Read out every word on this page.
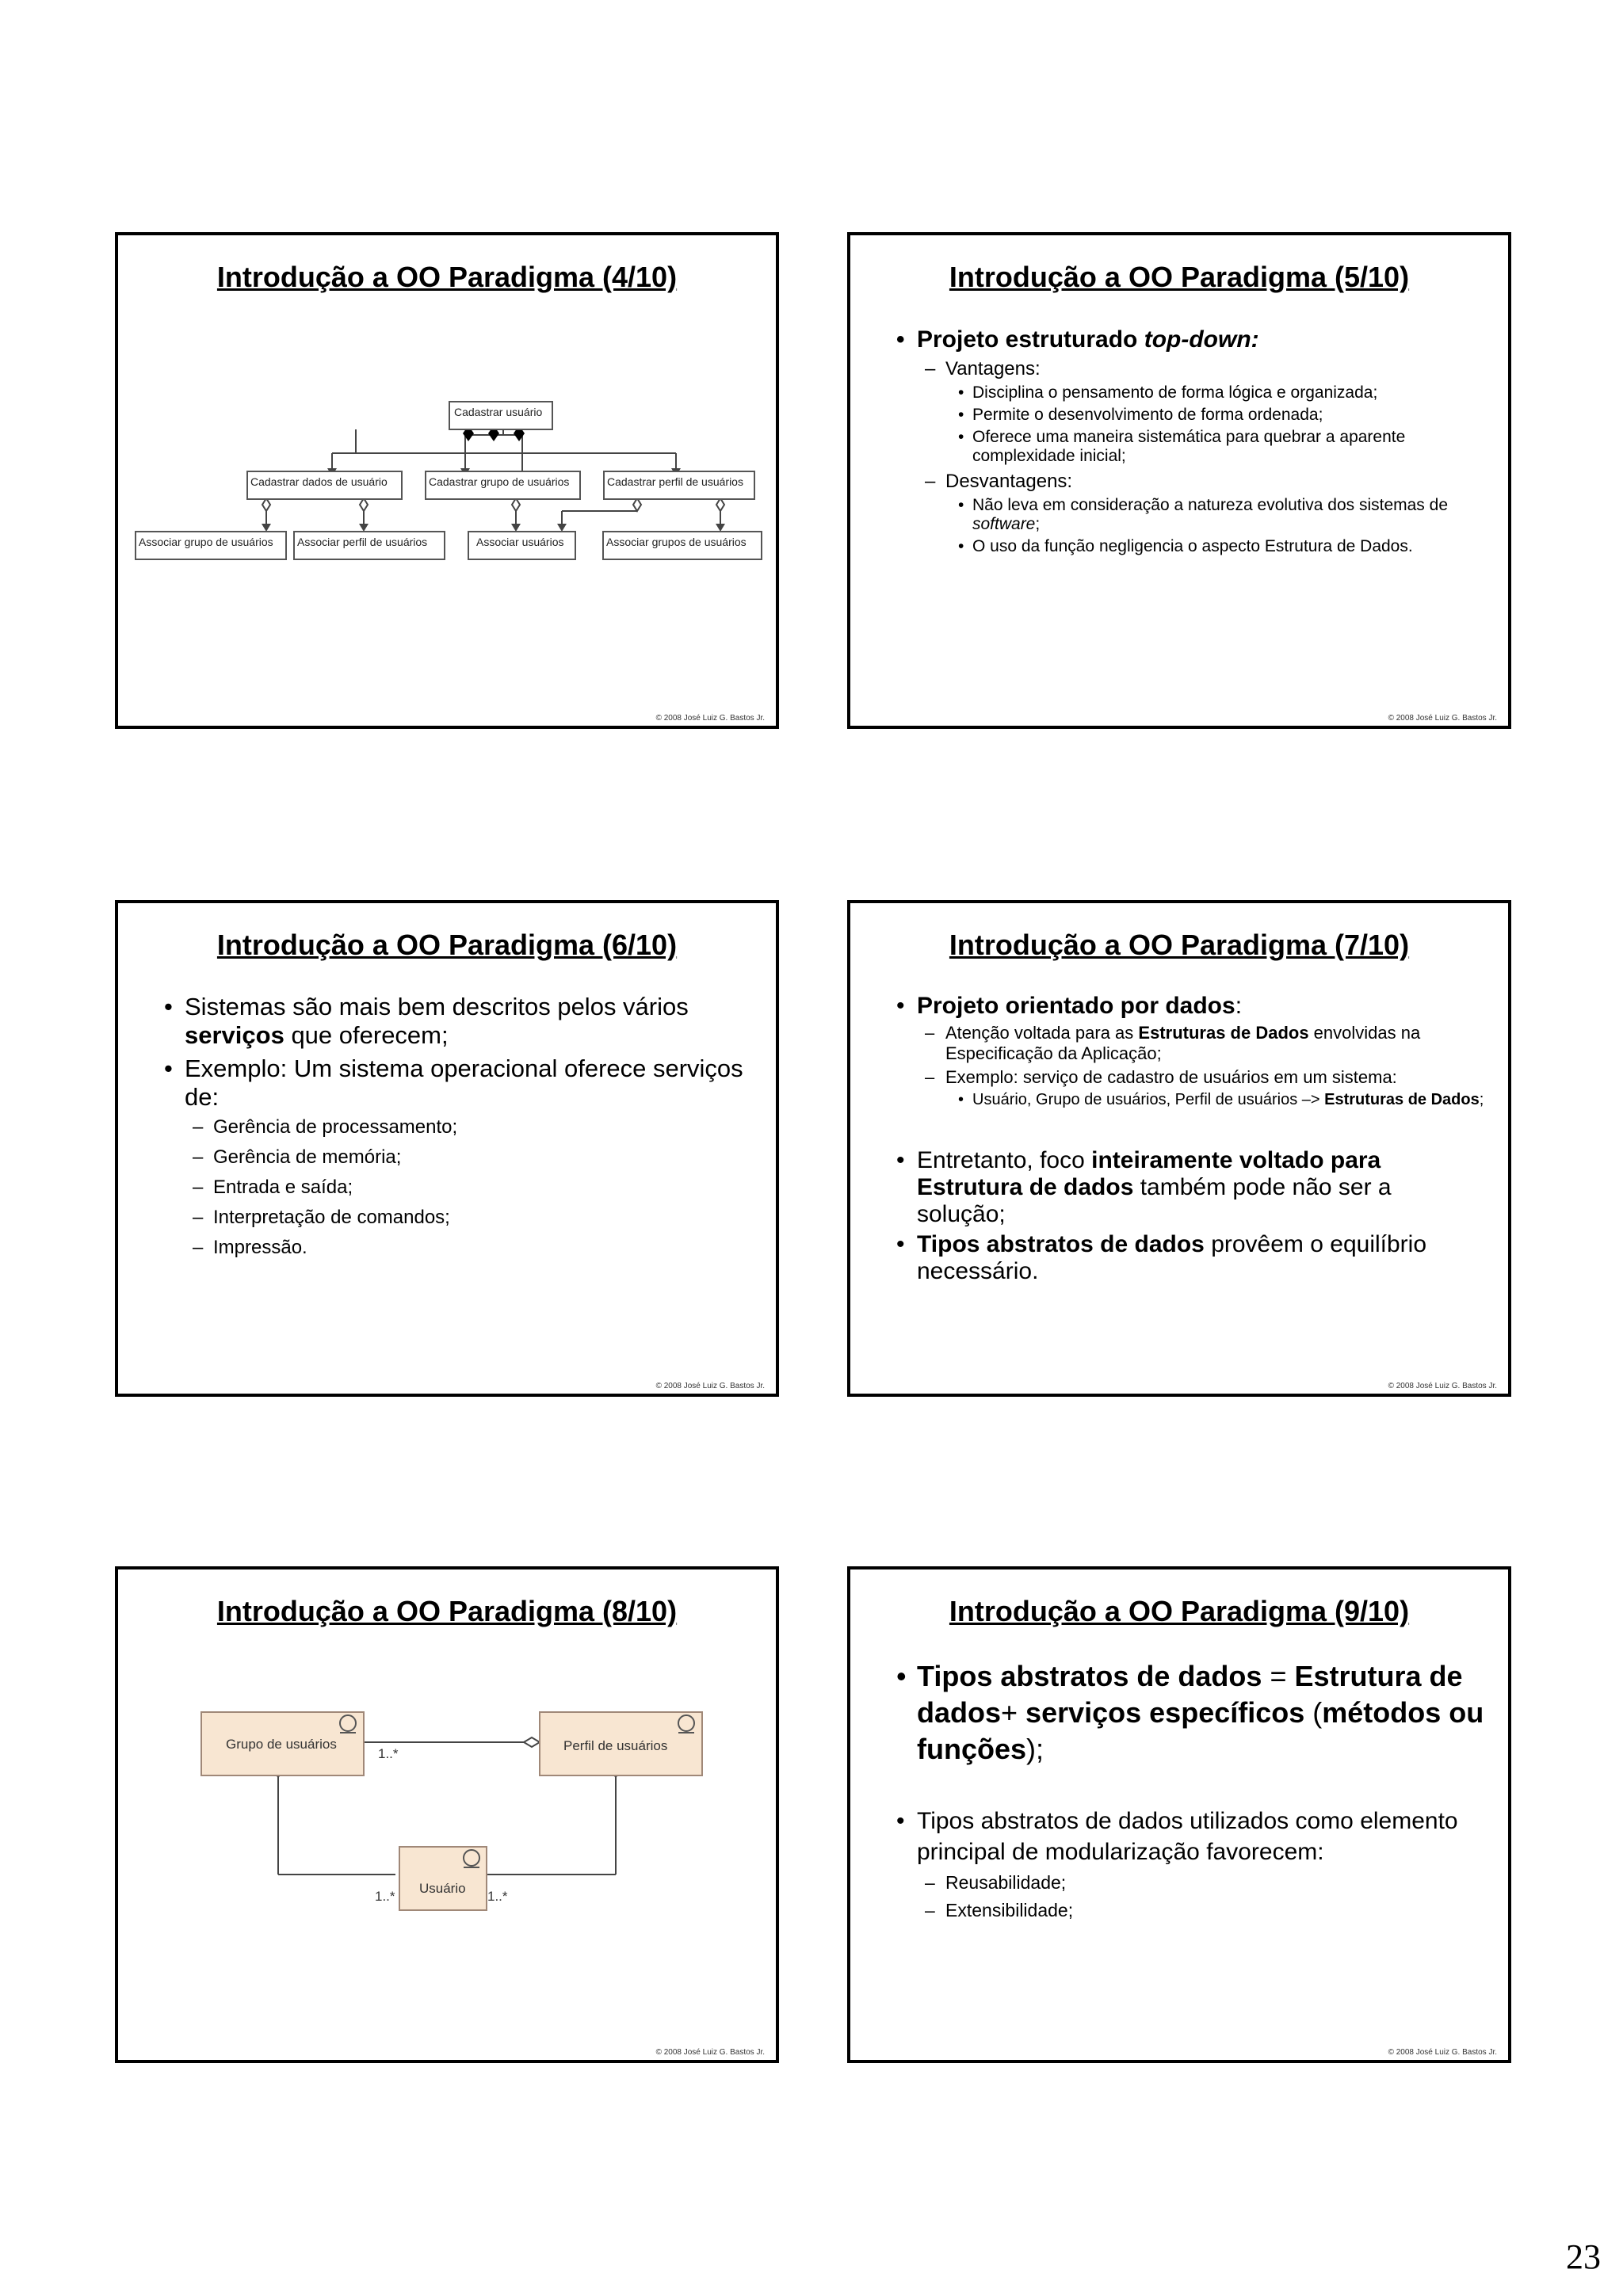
Introdução a OO Paradigma (4/10)
Cadastrar usuário
Cadastrar dados de usuário	Cadastrar grupo de usuários	Cadastrar perfil de usuários
Associar grupo de usuários Associar perfil de usuários	Associar usuários	Associar grupos de usuários
© 2008 José Luiz G. Bastos Jr.
Introdução a OO Paradigma (5/10)

• Projeto estruturado top-down:

– Vantagens:

• Disciplina o pensamento de forma lógica e organizada;

• Permite o desenvolvimento de forma ordenada;

• Oferece uma maneira sistemática para quebrar a aparente complexidade inicial;

– Desvantagens:

• Não leva em consideração a natureza evolutiva dos sistemas de software;

• O uso da função negligencia o aspecto Estrutura de Dados.

© 2008 José Luiz G. Bastos Jr.
Introdução a OO Paradigma (6/10)

• Sistemas são mais bem descritos pelos vários serviços que oferecem;

• Exemplo: Um sistema operacional oferece serviços de:

– Gerência de processamento;

– Gerência de memória;

– Entrada e saída;

– Interpretação de comandos;

– Impressão.

© 2008 José Luiz G. Bastos Jr.
Introdução a OO Paradigma (7/10)

• Projeto orientado por dados:

– Atenção voltada para as Estruturas de Dados envolvidas na Especificação da Aplicação;

– Exemplo: serviço de cadastro de usuários em um sistema:

• Usuário, Grupo de usuários, Perfil de usuários –> Estruturas de Dados;

• Entretanto, foco inteiramente voltado para Estrutura de dados também pode não ser a solução;

• Tipos abstratos de dados provêem o equilíbrio necessário.

© 2008 José Luiz G. Bastos Jr.
Introdução a OO Paradigma (8/10)
Grupo de usuários	Perfil de usuários
Usuário
1..*
1..*	1..*
© 2008 José Luiz G. Bastos Jr.
Introdução a OO Paradigma (9/10)

• Tipos abstratos de dados = Estrutura de dados+ serviços específicos (métodos ou funções);

• Tipos abstratos de dados utilizados como elemento principal de modularização favorecem:

– Reusabilidade;

– Extensibilidade;

© 2008 José Luiz G. Bastos Jr.
23
